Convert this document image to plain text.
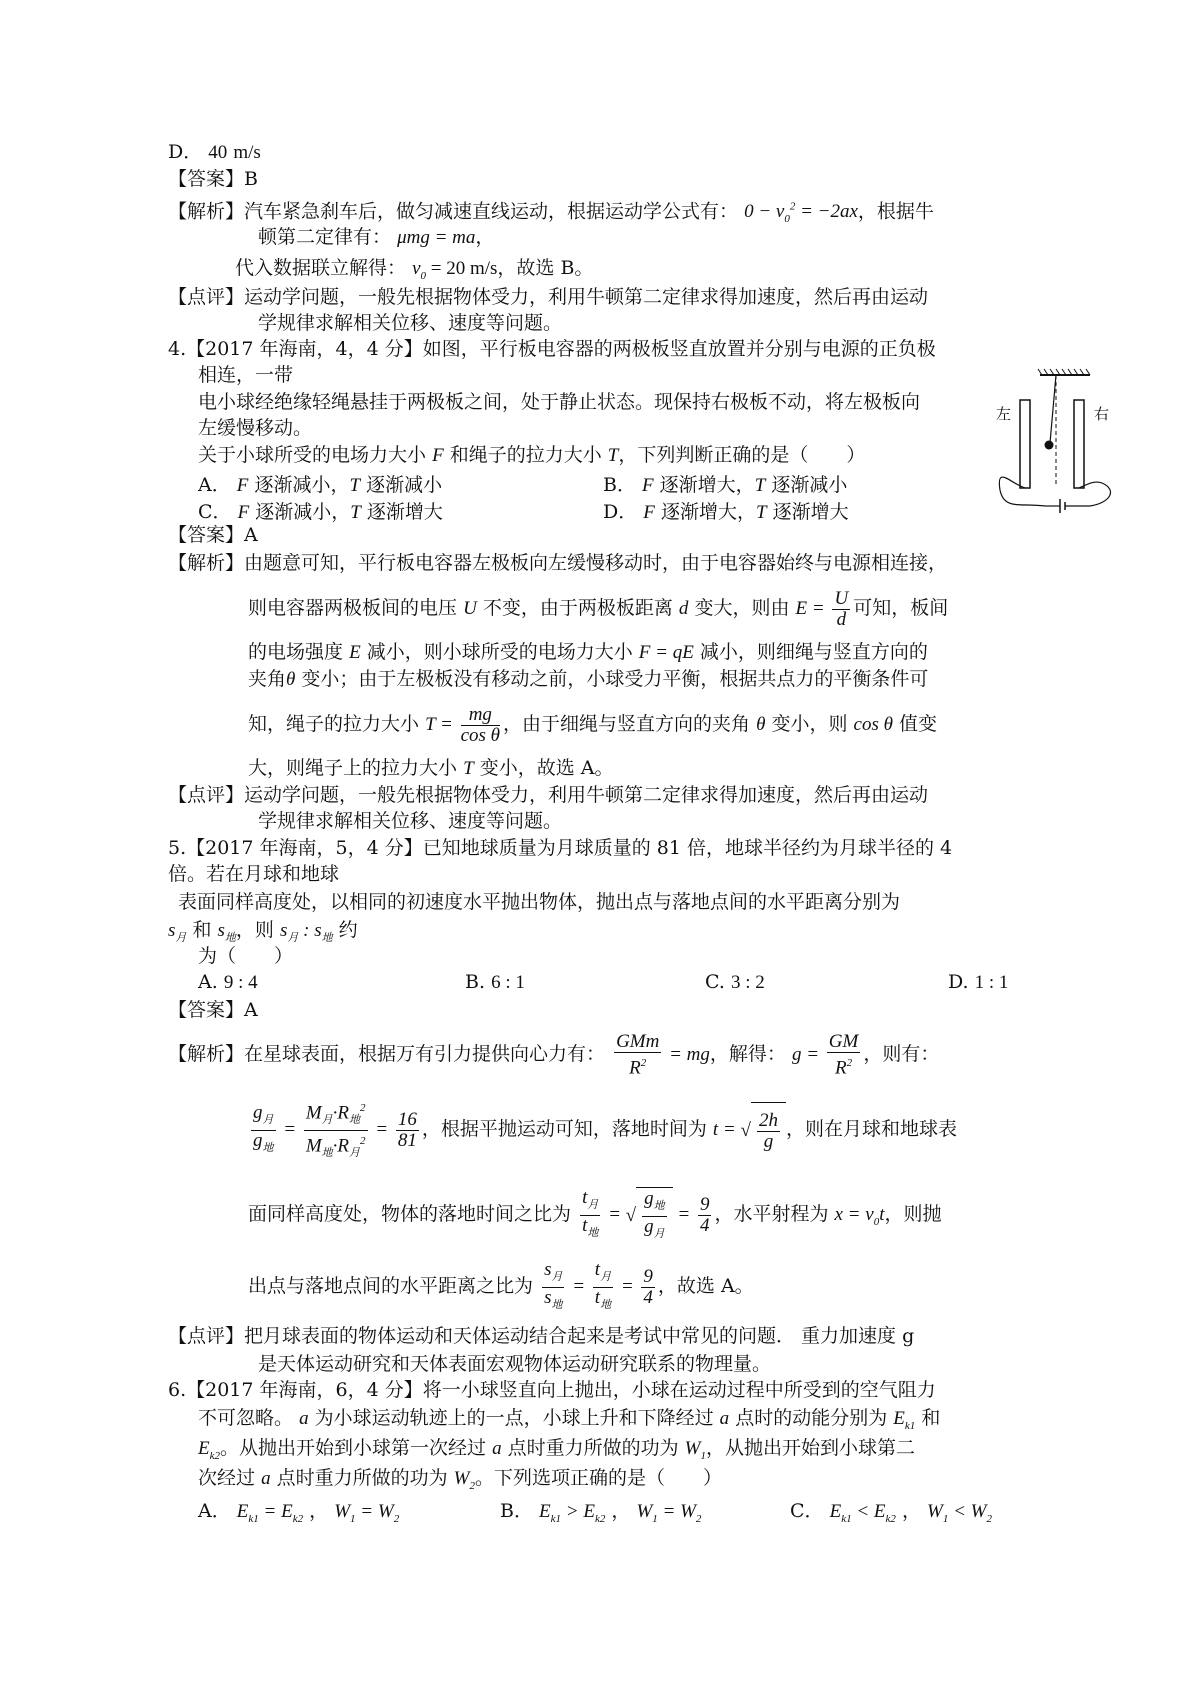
D． 40 m/s
【答案】B
【解析】汽车紧急刹车后，做匀减速直线运动，根据运动学公式有： $0 - v_0^2 = -2ax$，根据牛
顿第二定律有： μmg = ma，
代入数据联立解得： $v_0 = 20$ m/s，故选 B。
【点评】运动学问题，一般先根据物体受力，利用牛顿第二定律求得加速度，然后再由运动
学规律求解相关位移、速度等问题。
4.【2017 年海南，4，4 分】如图，平行板电容器的两极板竖直放置并分别与电源的正负极
相连，一带
电小球经绝缘轻绳悬挂于两极板之间，处于静止状态。现保持右极板不动，将左极板向
左缓慢移动。
关于小球所受的电场力大小 F 和绳子的拉力大小 T，下列判断正确的是（　　）
A． F 逐渐减小，T 逐渐减小	B． F 逐渐增大，T 逐渐减小
C． F 逐渐减小，T 逐渐增大	D． F 逐渐增大，T 逐渐增大
【答案】A
【解析】由题意可知，平行板电容器左极板向左缓慢移动时，由于电容器始终与电源相连接，
则电容器两极板间的电压 U 不变，由于两极板距离 d 变大，则由 $E = \frac{U}{d}$ 可知，板间
的电场强度 E 减小，则小球所受的电场力大小 F = qE 减小，则细绳与竖直方向的
夹角θ 变小；由于左极板没有移动之前，小球受力平衡，根据共点力的平衡条件可
知，绳子的拉力大小 $T = \frac{mg}{\text{cos θ}}$ ，由于细绳与竖直方向的夹角 θ 变小，则 cos θ 值变
大，则绳子上的拉力大小 T 变小，故选 A。
【点评】运动学问题，一般先根据物体受力，利用牛顿第二定律求得加速度，然后再由运动
学规律求解相关位移、速度等问题。
左	右
5.【2017 年海南，5，4 分】已知地球质量为月球质量的 81 倍，地球半径约为月球半径的 4
倍。若在月球和地球
表面同样高度处，以相同的初速度水平抛出物体，抛出点与落地点间的水平距离分别为
$s_月$ 和 $s_地$，则 $s_月$ : $s_地$ 约
为（　　）
A. 9 : 4	B. 6 : 1	C. 3 : 2	D. 1 : 1
【答案】A
【解析】在星球表面，根据万有引力提供向心力有： $\frac{\text{GMm}}{R^2}$ = mg，解得： $g = \frac{GM}{R^2}$ ，则有：
$\frac{g_月}{g_地} = \frac{M_月\cdot R_地^2}{M_地\cdot R_月^2} = \frac{16}{81}$ ，根据平抛运动可知，落地时间为 t = √ $\frac{2h}{g}$ ，则在月球和地球表
面同样高度处，物体的落地时间之比为 $\frac{t_月}{t_地}$ = √ $\frac{g_地}{g_月} = \frac{9}{4}$ ，水平射程为 $x = v_0t$，则抛
出点与落地点间的水平距离之比为 $\frac{s_月}{s_地} = \frac{t_月}{t_地} = \frac{9}{4}$ ，故选 A。
【点评】把月球表面的物体运动和天体运动结合起来是考试中常见的问题． 重力加速度 g
是天体运动研究和天体表面宏观物体运动研究联系的物理量。
6.【2017 年海南，6，4 分】将一小球竖直向上抛出，小球在运动过程中所受到的空气阻力
不可忽略。 a 为小球运动轨迹上的一点，小球上升和下降经过 a 点时的动能分别为 $E_{k1}$ 和
$E_{k2}$。从抛出开始到小球第一次经过 a 点时重力所做的功为 $W_1$，从抛出开始到小球第二
次经过 a 点时重力所做的功为 $W_2$。下列选项正确的是（　　）
A． $E_{k1} = E_{k2}$ ， $W_1 = W_2$	B． $E_{k1} > E_{k2}$ ， $W_1 = W_2$	C． $E_{k1} < E_{k2}$ ， $W_1 < W_2$
